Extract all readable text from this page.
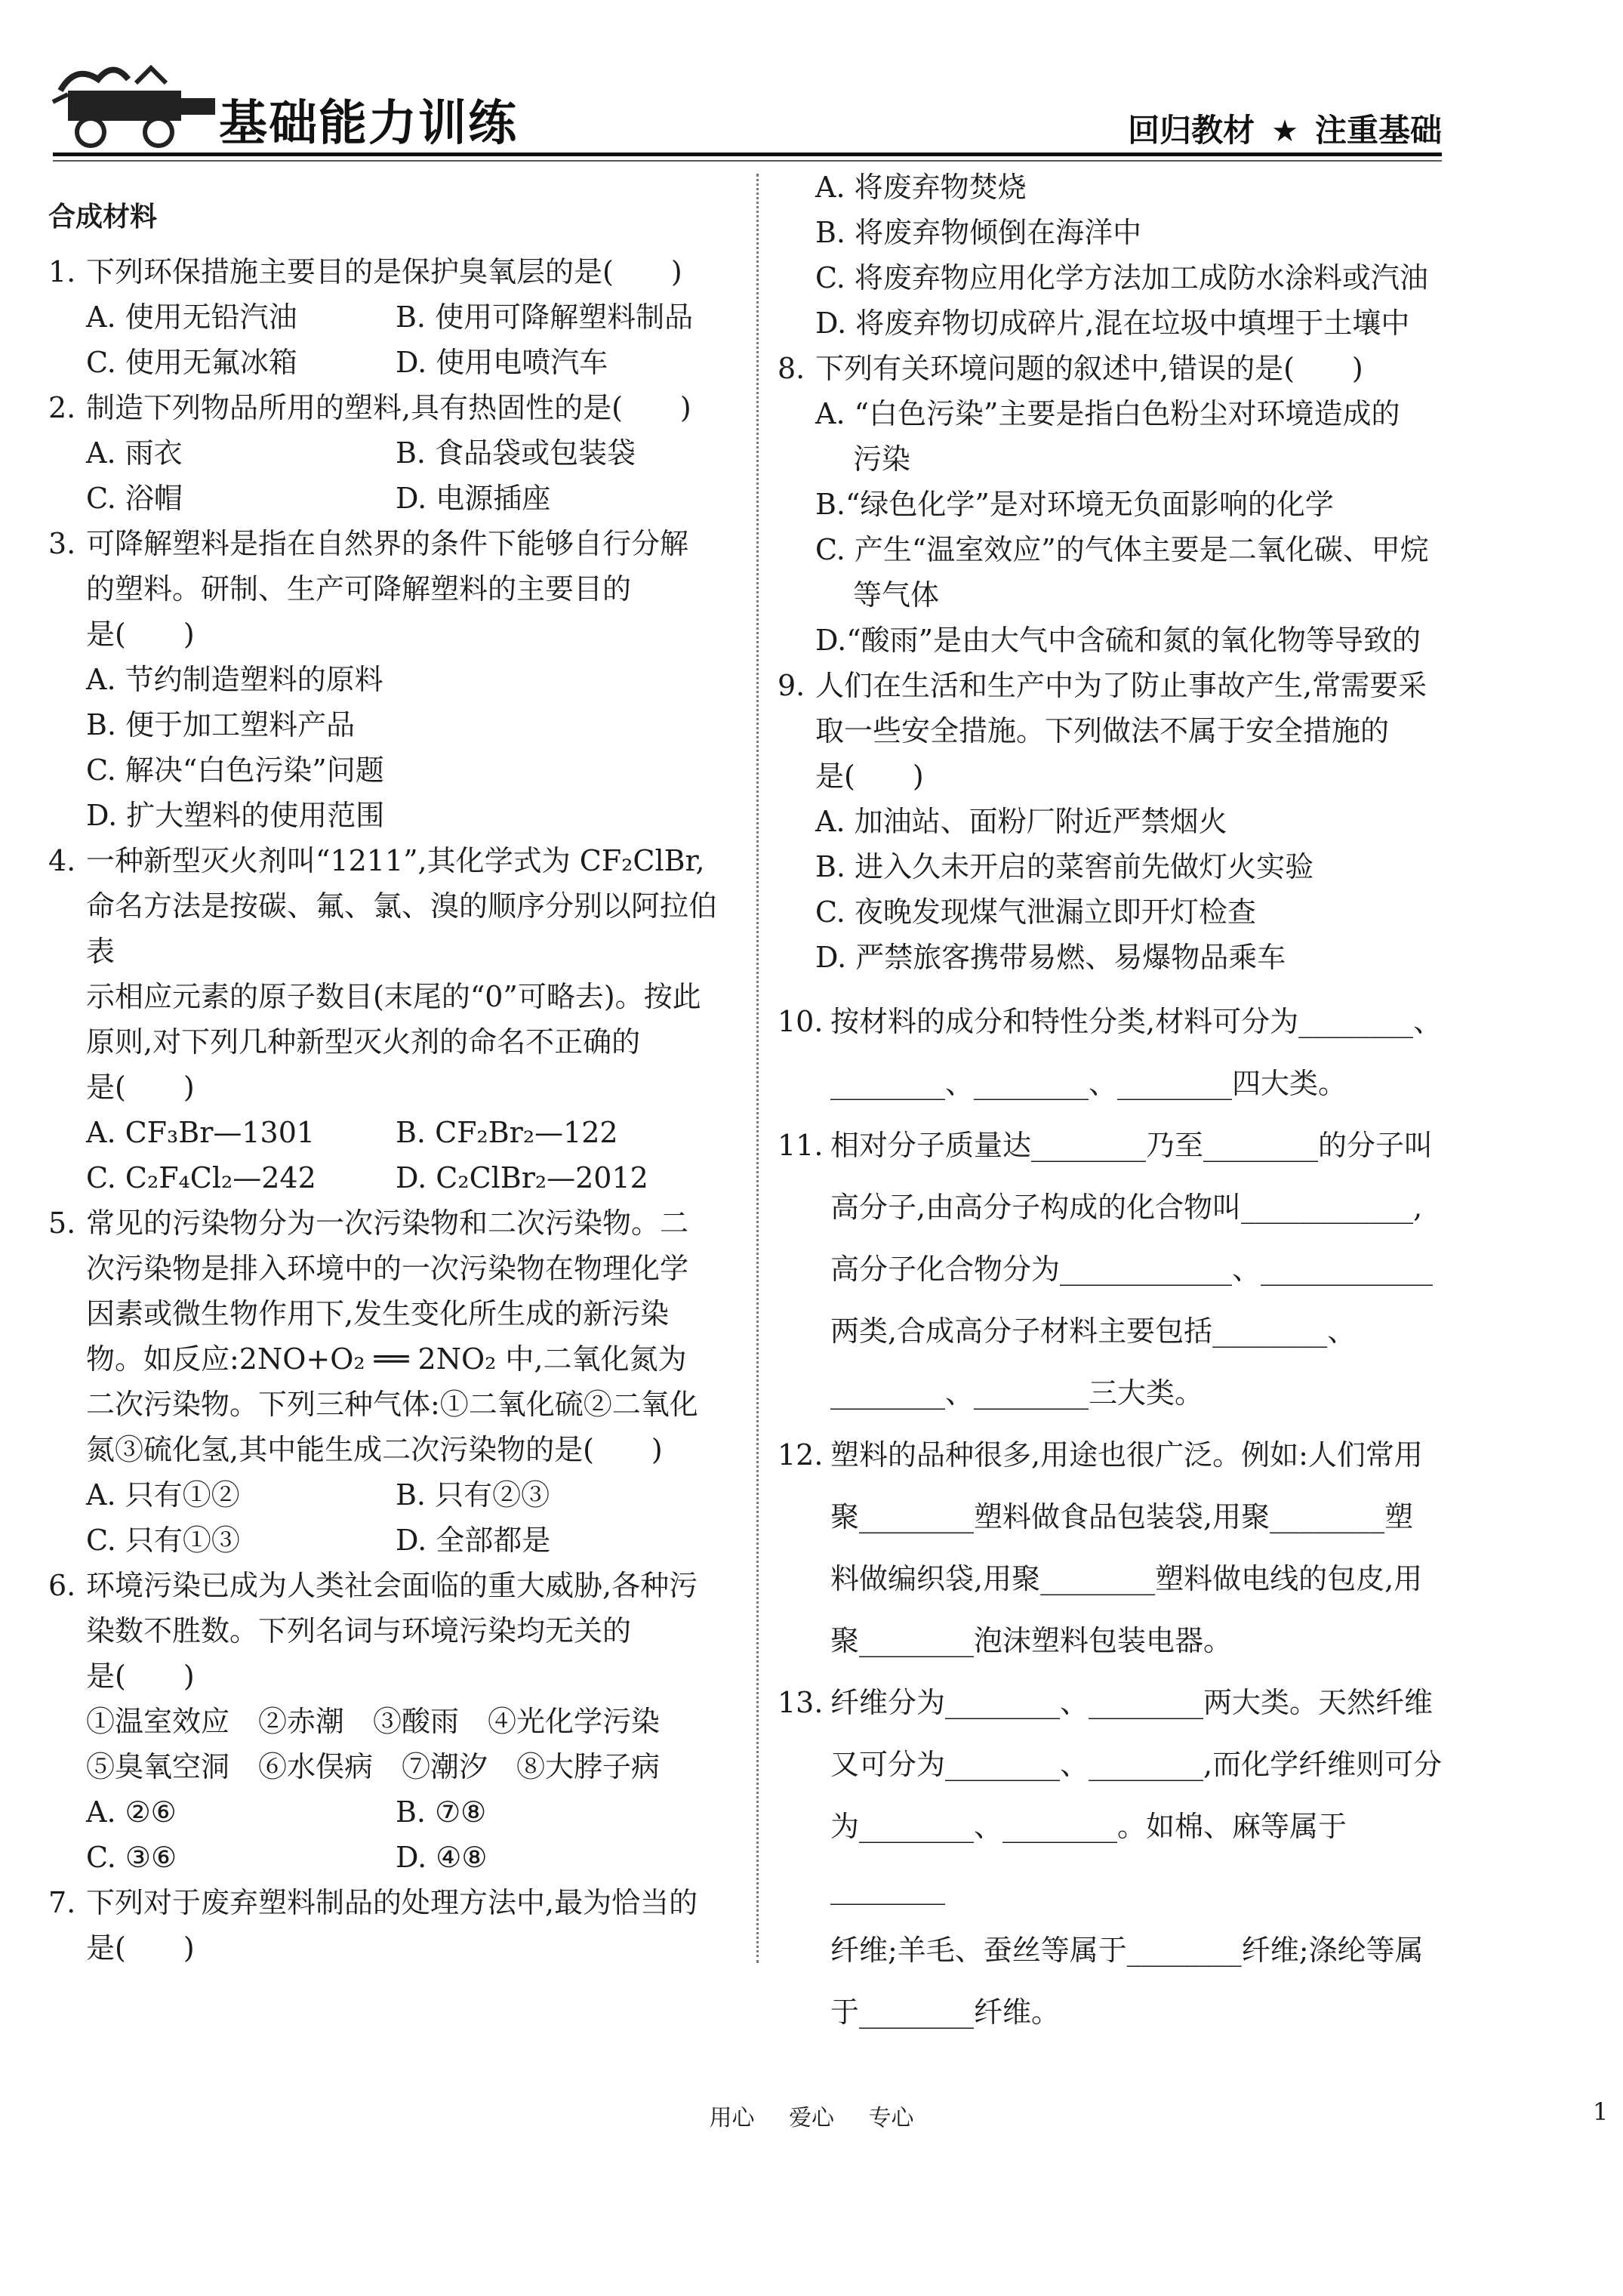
基础能力训练	回归教材 ★ 注重基础
合成材料
1. 下列环保措施主要目的是保护臭氧层的是(　　)
A. 使用无铅汽油	B. 使用可降解塑料制品
C. 使用无氟冰箱	D. 使用电喷汽车
2. 制造下列物品所用的塑料,具有热固性的是(　　)
A. 雨衣	B. 食品袋或包装袋
C. 浴帽	D. 电源插座
3. 可降解塑料是指在自然界的条件下能够自行分解
的塑料。研制、生产可降解塑料的主要目的
是(　　)
A. 节约制造塑料的原料
B. 便于加工塑料产品
C. 解决“白色污染”问题
D. 扩大塑料的使用范围
4. 一种新型灭火剂叫“1211”,其化学式为 CF₂ClBr,
命名方法是按碳、氟、氯、溴的顺序分别以阿拉伯表
示相应元素的原子数目(末尾的“0”可略去)。按此
原则,对下列几种新型灭火剂的命名不正确的
是(　　)
A. CF₃Br—1301	B. CF₂Br₂—122
C. C₂F₄Cl₂—242	D. C₂ClBr₂—2012
5. 常见的污染物分为一次污染物和二次污染物。二
次污染物是排入环境中的一次污染物在物理化学
因素或微生物作用下,发生变化所生成的新污染
物。如反应:2NO+O₂ ══ 2NO₂ 中,二氧化氮为
二次污染物。下列三种气体:①二氧化硫②二氧化
氮③硫化氢,其中能生成二次污染物的是(　　)
A. 只有①②	B. 只有②③
C. 只有①③	D. 全部都是
6. 环境污染已成为人类社会面临的重大威胁,各种污
染数不胜数。下列名词与环境污染均无关的
是(　　)
①温室效应　②赤潮　③酸雨　④光化学污染
⑤臭氧空洞　⑥水俣病　⑦潮汐　⑧大脖子病
A. ②⑥	B. ⑦⑧
C. ③⑥	D. ④⑧
7. 下列对于废弃塑料制品的处理方法中,最为恰当的
是(　　)
A. 将废弃物焚烧
B. 将废弃物倾倒在海洋中
C. 将废弃物应用化学方法加工成防水涂料或汽油
D. 将废弃物切成碎片,混在垃圾中填埋于土壤中
8. 下列有关环境问题的叙述中,错误的是(　　)
A. “白色污染”主要是指白色粉尘对环境造成的
污染
B.“绿色化学”是对环境无负面影响的化学
C. 产生“温室效应”的气体主要是二氧化碳、甲烷
等气体
D.“酸雨”是由大气中含硫和氮的氧化物等导致的
9. 人们在生活和生产中为了防止事故产生,常需要采
取一些安全措施。下列做法不属于安全措施的
是(　　)
A. 加油站、面粉厂附近严禁烟火
B. 进入久未开启的菜窖前先做灯火实验
C. 夜晚发现煤气泄漏立即开灯检查
D. 严禁旅客携带易燃、易爆物品乘车
10. 按材料的成分和特性分类,材料可分为________、
________、________、________四大类。
11. 相对分子质量达________乃至________的分子叫
高分子,由高分子构成的化合物叫____________,
高分子化合物分为____________、____________
两类,合成高分子材料主要包括________、
________、________三大类。
12. 塑料的品种很多,用途也很广泛。例如:人们常用
聚________塑料做食品包装袋,用聚________塑
料做编织袋,用聚________塑料做电线的包皮,用
聚________泡沫塑料包装电器。
13. 纤维分为________、________两大类。天然纤维
又可分为________、________,而化学纤维则可分
为________、________。如棉、麻等属于________
纤维;羊毛、蚕丝等属于________纤维;涤纶等属
于________纤维。
用心 爱心 专心	1
